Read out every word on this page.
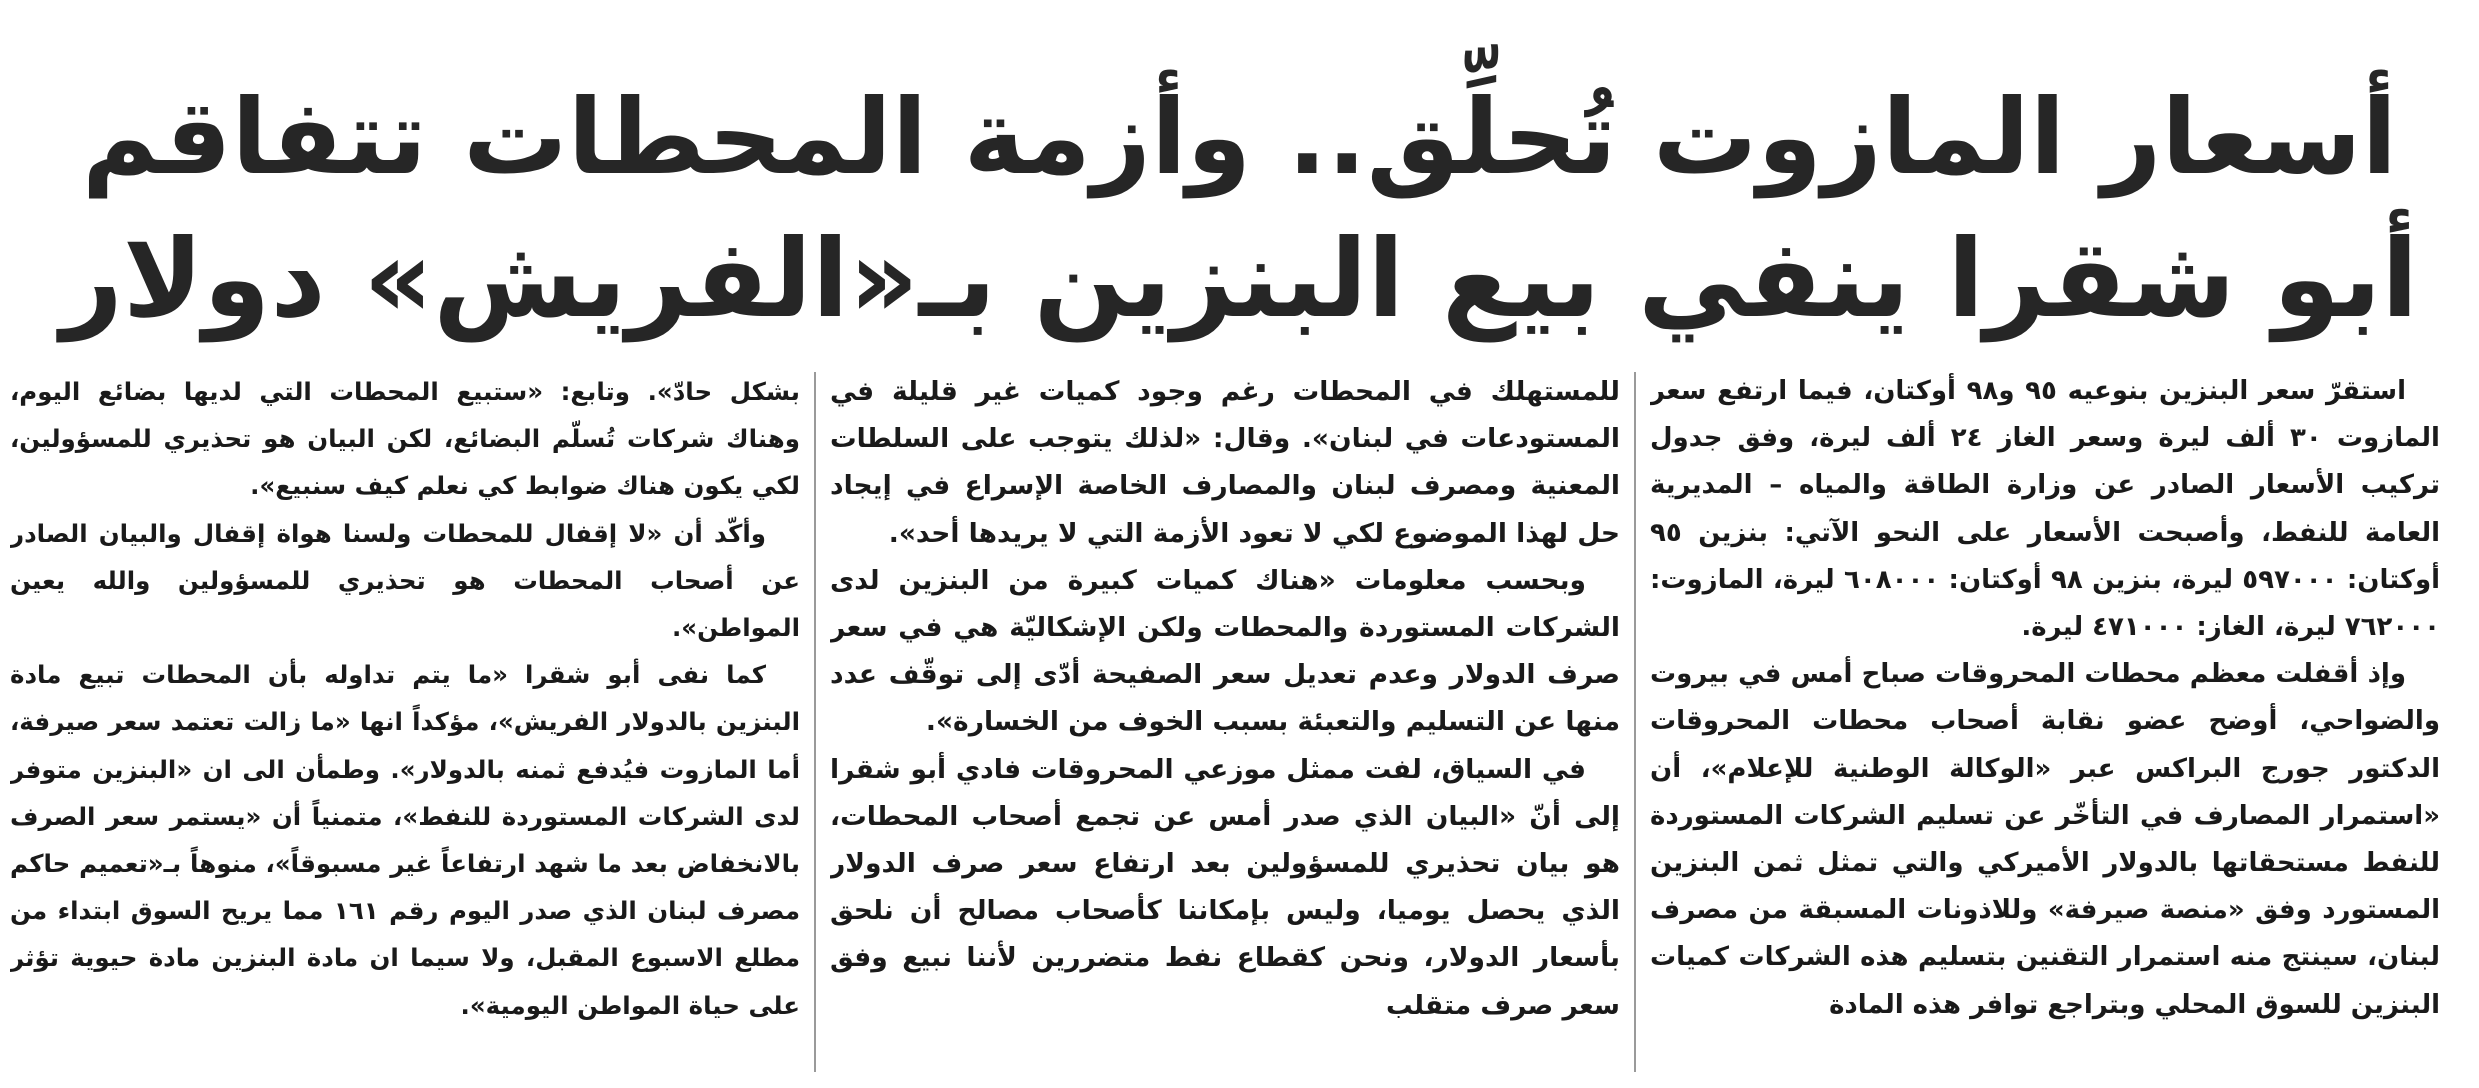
أسعار المازوت تُحلِّق.. وأزمة المحطات تتفاقم
أبو شقرا ينفي بيع البنزين بـ«الفريش» دولار

استقرّ سعر البنزين بنوعيه ٩٥ و٩٨ أوكتان، فيما ارتفع سعر المازوت ٣٠ ألف ليرة وسعر الغاز ٢٤ ألف ليرة، وفق جدول تركيب الأسعار الصادر عن وزارة الطاقة والمياه – المديرية العامة للنفط، وأصبحت الأسعار على النحو الآتي: بنزين ٩٥ أوكتان: ٥٩٧٠٠٠ ليرة، بنزين ٩٨ أوكتان: ٦٠٨٠٠٠ ليرة، المازوت: ٧٦٢٠٠٠ ليرة، الغاز: ٤٧١٠٠٠ ليرة.

وإذ أقفلت معظم محطات المحروقات صباح أمس في بيروت والضواحي، أوضح عضو نقابة أصحاب محطات المحروقات الدكتور جورج البراكس عبر «الوكالة الوطنية للإعلام»، أن «استمرار المصارف في التأخّر عن تسليم الشركات المستوردة للنفط مستحقاتها بالدولار الأميركي والتي تمثل ثمن البنزين المستورد وفق «منصة صيرفة» وللاذونات المسبقة من مصرف لبنان، سينتج منه استمرار التقنين بتسليم هذه الشركات كميات البنزين للسوق المحلي وبتراجع توافر هذه المادة

للمستهلك في المحطات رغم وجود كميات غير قليلة في المستودعات في لبنان». وقال: «لذلك يتوجب على السلطات المعنية ومصرف لبنان والمصارف الخاصة الإسراع في إيجاد حل لهذا الموضوع لكي لا تعود الأزمة التي لا يريدها أحد».

وبحسب معلومات «هناك كميات كبيرة من البنزين لدى الشركات المستوردة والمحطات ولكن الإشكاليّة هي في سعر صرف الدولار وعدم تعديل سعر الصفيحة أدّى إلى توقّف عدد منها عن التسليم والتعبئة بسبب الخوف من الخسارة».

في السياق، لفت ممثل موزعي المحروقات فادي أبو شقرا إلى أنّ «البيان الذي صدر أمس عن تجمع أصحاب المحطات، هو بيان تحذيري للمسؤولين بعد ارتفاع سعر صرف الدولار الذي يحصل يوميا، وليس بإمكاننا كأصحاب مصالح أن نلحق بأسعار الدولار، ونحن كقطاع نفط متضررين لأننا نبيع وفق سعر صرف متقلب

بشكل حادّ». وتابع: «ستبيع المحطات التي لديها بضائع اليوم، وهناك شركات تُسلّم البضائع، لكن البيان هو تحذيري للمسؤولين، لكي يكون هناك ضوابط كي نعلم كيف سنبيع».

وأكّد أن «لا إقفال للمحطات ولسنا هواة إقفال والبيان الصادر عن أصحاب المحطات هو تحذيري للمسؤولين والله يعين المواطن».

كما نفى أبو شقرا «ما يتم تداوله بأن المحطات تبيع مادة البنزين بالدولار الفريش»، مؤكداً انها «ما زالت تعتمد سعر صيرفة، أما المازوت فيُدفع ثمنه بالدولار». وطمأن الى ان «البنزين متوفر لدى الشركات المستوردة للنفط»، متمنياً أن «يستمر سعر الصرف بالانخفاض بعد ما شهد ارتفاعاً غير مسبوقاً»، منوهاً بـ«تعميم حاكم مصرف لبنان الذي صدر اليوم رقم ١٦١ مما يريح السوق ابتداء من مطلع الاسبوع المقبل، ولا سيما ان مادة البنزين مادة حيوية تؤثر على حياة المواطن اليومية».
